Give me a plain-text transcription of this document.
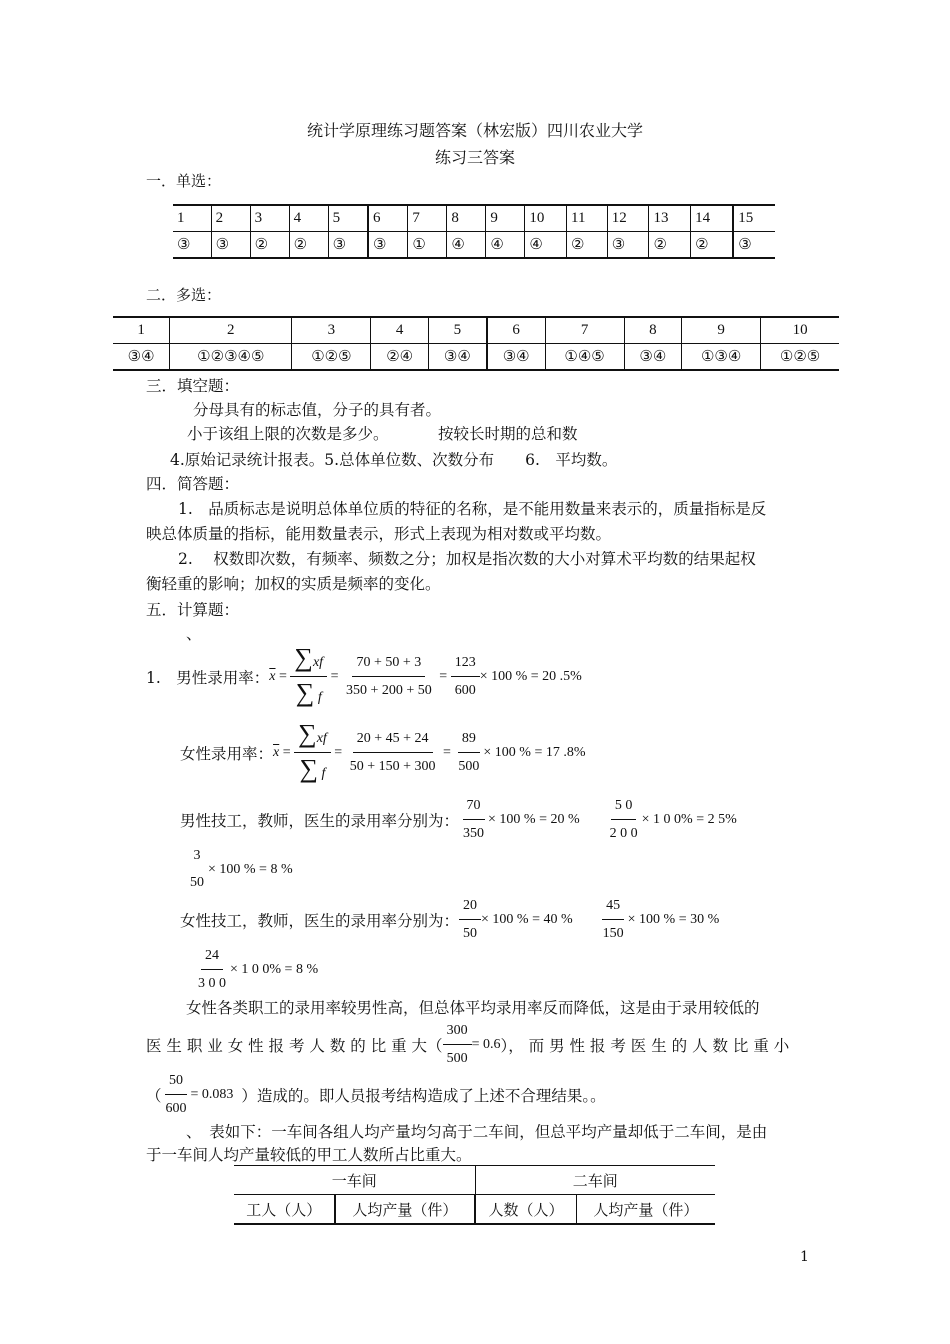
统计学原理练习题答案（林宏版）四川农业大学
练习三答案
一．单选：
1	2	3	4	5	6	7	8	9	10	11	12	13	14	15
③	③	②	②	③	③	①	④	④	④	②	③	②	②	③
二．多选：
1	2	3	4	5	6	7	8	9	10
③④	①②③④⑤	①②⑤	②④	③④	③④	①④⑤	③④	①③④	①②⑤
三．填空题：
分母具有的标志值，分子的具有者。
小于该组上限的次数是多少。	按较长时期的总和数
4.原始记录统计报表。5.总体单位数、次数分布　　6.　平均数。
四．简答题：
1.　品质标志是说明总体单位质的特征的名称，是不能用数量来表示的，质量指标是反
映总体质量的指标，能用数量表示，形式上表现为相对数或平均数。
2.　 权数即次数，有频率、频数之分；加权是指次数的大小对算术平均数的结果起权
衡轻重的影响；加权的实质是频率的变化。
五．计算题：
、
1.　男性录用率： $\overline{x} = \frac{\sum xf}{\sum f} = \frac{70 + 50 + 3}{350 + 200 + 50} = \frac{123}{600} \times 100$ % = 20 .5%
女性录用率： $\overline{x} = \frac{\sum xf}{\sum f} = \frac{20 + 45 + 24}{50 + 150 + 300} = \frac{89}{500} \times 100$ % = 17 .8%
男性技工，教师，医生的录用率分别为： $\frac{70}{350} \times 100$ % = 20 % $\frac{5 0}{2 0 0} \times 1$ 0 0% = 2 5%
3
50
× 100 % = 8 %
女性技工，教师，医生的录用率分别为： $\frac{20}{50} \times 100$ % = 40 % $\frac{45}{150} \times 100$ % = 30 %
$\frac{24}{3 0 0} \times 1$ 0 0% = 8 %
女性各类职工的录用率较男性高，但总体平均录用率反而降低，这是由于录用较低的
医 生 职 业 女 性 报 考 人 数 的 比 重 大（ $\frac{300}{500} = 0.6$ ）， 而 男 性 报 考 医 生 的 人 数 比 重 小
（ $\frac{50}{600} = 0.083$ ）造成的。即人员报考结构造成了上述不合理结果。。
、　表如下：一车间各组人均产量均匀高于二车间，但总平均产量却低于二车间，是由
于一车间人均产量较低的甲工人数所占比重大。
一车间		二车间	
工人（人）	人均产量（件）	人数（人）	人均产量（件）
1
